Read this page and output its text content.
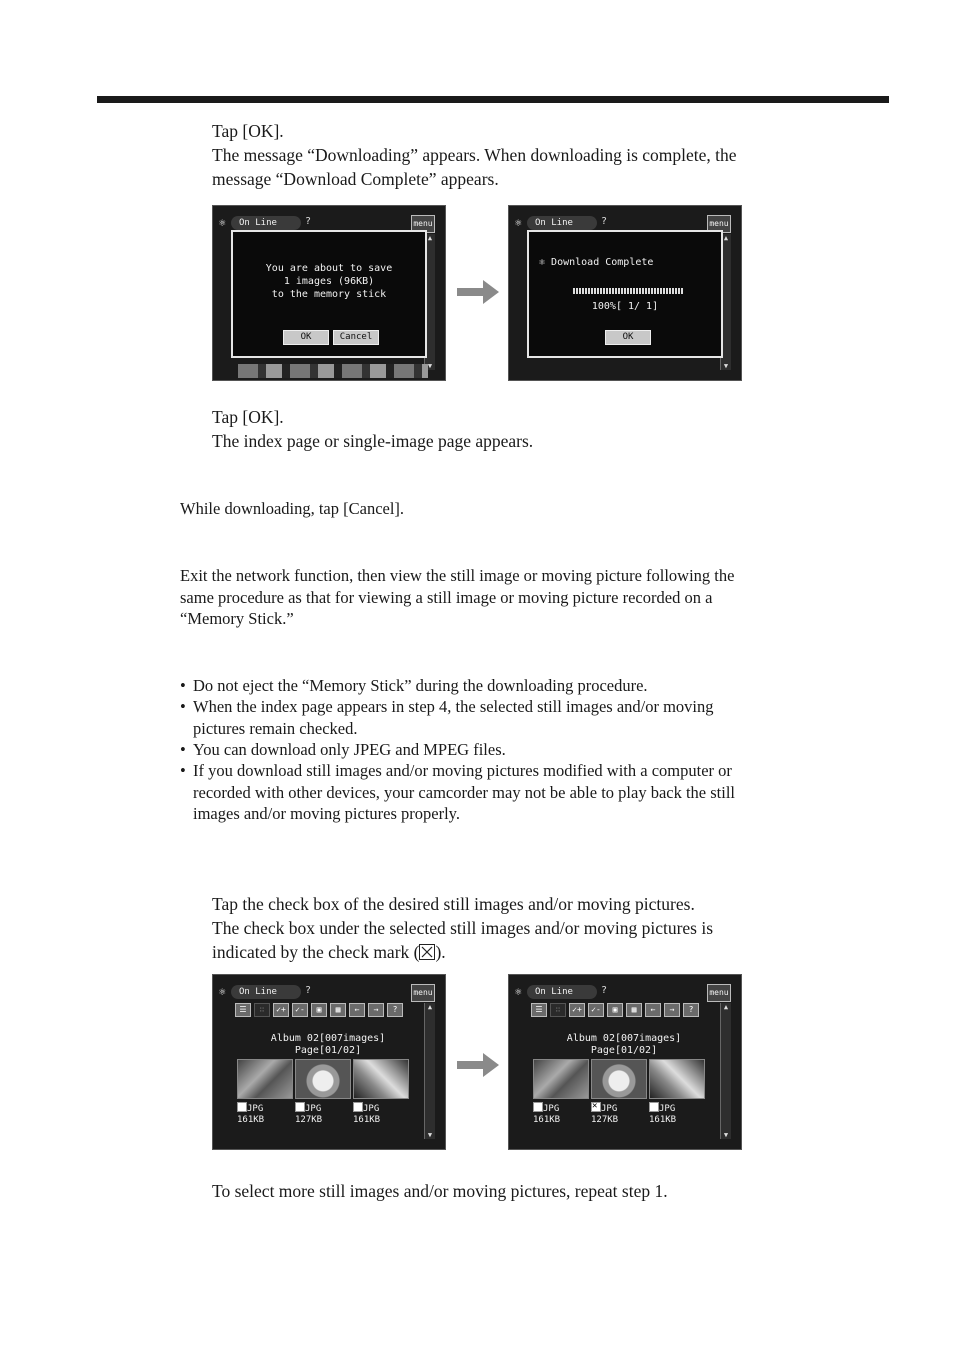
Tap [OK].
The message “Downloading” appears. When downloading is complete, the
message “Download Complete” appears.
⚛ On Line	?	menu
▲
▼
You are about to save
1 images (96KB)
to the memory stick
OK	Cancel
⚛ On Line	?	menu
▲
▼
⚛ Download Complete
100%[ 1/ 1]
OK
Tap [OK].
The index page or single-image page appears.
While downloading, tap [Cancel].
Exit the network function, then view the still image or moving picture following the
same procedure as that for viewing a still image or moving picture recorded on a
“Memory Stick.”
• Do not eject the “Memory Stick” during the downloading procedure.
• When the index page appears in step 4, the selected still images and/or moving
pictures remain checked.
• You can download only JPEG and MPEG files.
• If you download still images and/or moving pictures modified with a computer or
recorded with other devices, your camcorder may not be able to play back the still
images and/or moving pictures properly.
Tap the check box of the desired still images and/or moving pictures.
The check box under the selected still images and/or moving pictures is
indicated by the check mark ( ).
⚛ On Line	?	menu
☰	∷	✓+	✓-	▣	▦	←	→	?	▲
▼
Album 02[007images]
Page[01/02]
JPG
161KB
JPG
127KB
JPG
161KB
⚛ On Line	?	menu
☰	∷	✓+	✓-	▣	▦	←	→	?	▲
▼
Album 02[007images]
Page[01/02]
JPG
161KB
✕JPG
127KB
JPG
161KB
To select more still images and/or moving pictures, repeat step 1.
